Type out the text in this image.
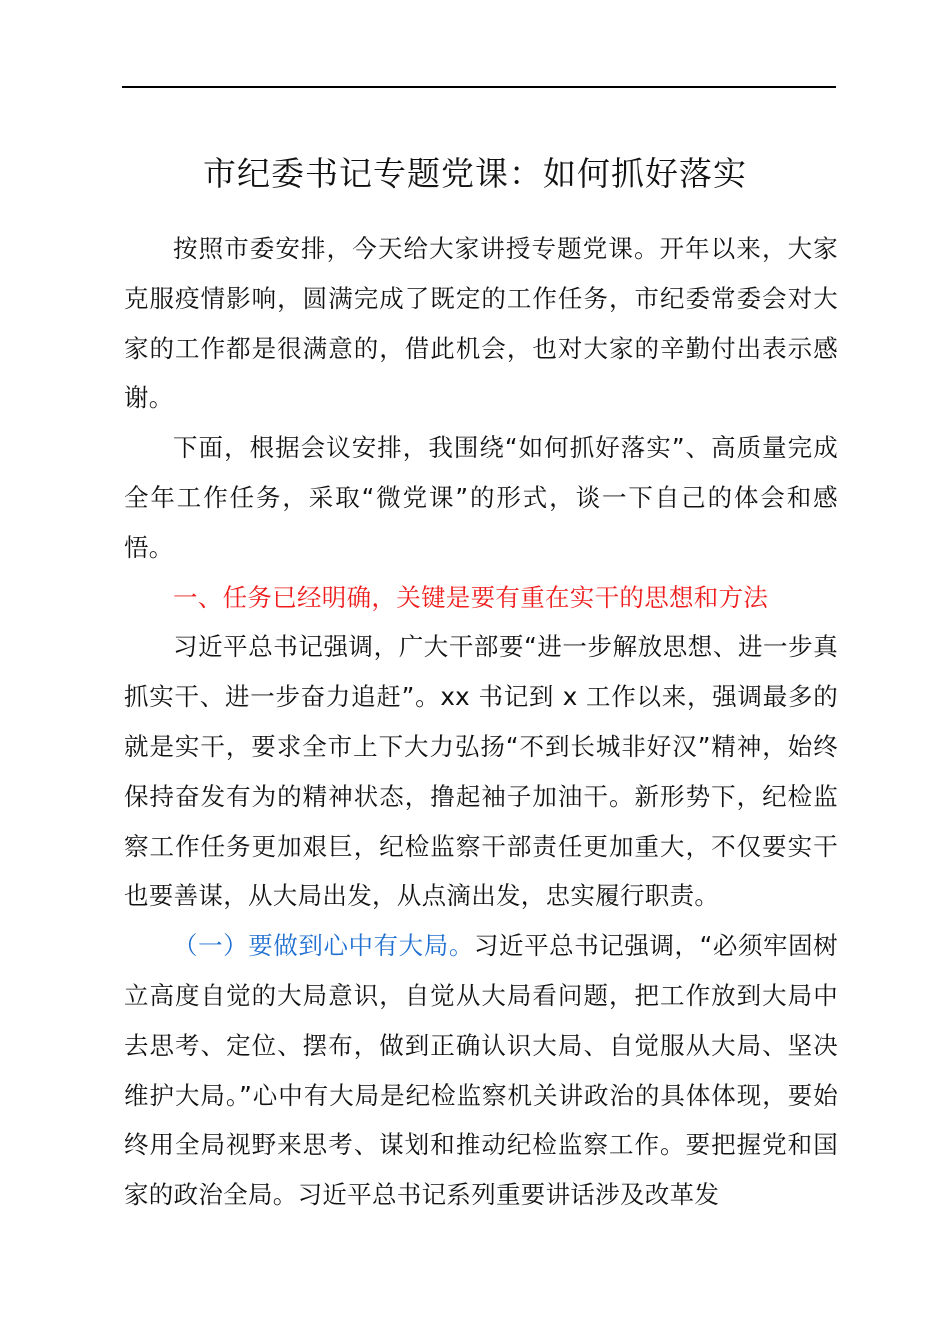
市纪委书记专题党课：如何抓好落实

按照市委安排，今天给大家讲授专题党课。开年以来，大家克服疫情影响，圆满完成了既定的工作任务，市纪委常委会对大家的工作都是很满意的，借此机会，也对大家的辛勤付出表示感谢。

下面，根据会议安排，我围绕“如何抓好落实”、高质量完成全年工作任务，采取“微党课”的形式，谈一下自己的体会和感悟。

一、任务已经明确，关键是要有重在实干的思想和方法

习近平总书记强调，广大干部要“进一步解放思想、进一步真抓实干、进一步奋力追赶”。xx 书记到 x 工作以来，强调最多的就是实干，要求全市上下大力弘扬“不到长城非好汉”精神，始终保持奋发有为的精神状态，撸起袖子加油干。新形势下，纪检监察工作任务更加艰巨，纪检监察干部责任更加重大，不仅要实干也要善谋，从大局出发，从点滴出发，忠实履行职责。

（一）要做到心中有大局。习近平总书记强调，“必须牢固树立高度自觉的大局意识，自觉从大局看问题，把工作放到大局中去思考、定位、摆布，做到正确认识大局、自觉服从大局、坚决维护大局。”心中有大局是纪检监察机关讲政治的具体体现，要始终用全局视野来思考、谋划和推动纪检监察工作。要把握党和国家的政治全局。习近平总书记系列重要讲话涉及改革发
